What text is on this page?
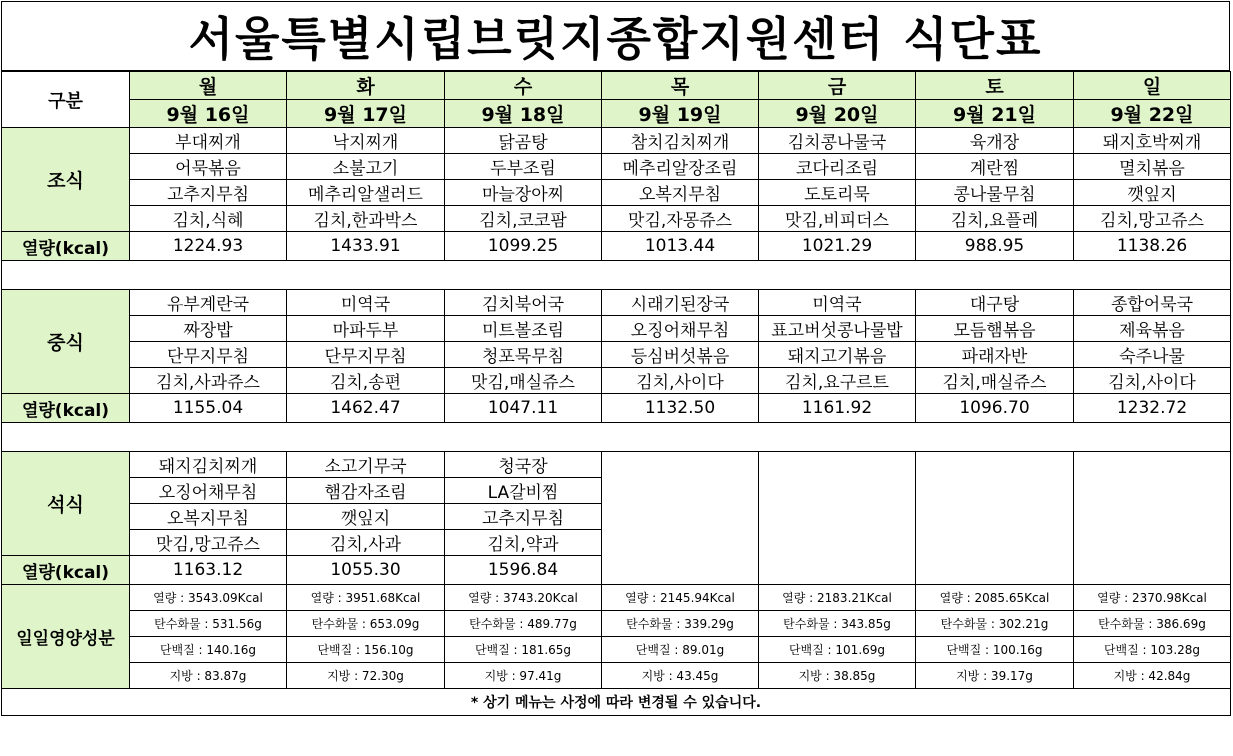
서울특별시립브릿지종합지원센터 식단표
구분	월	화	수	목	금	토	일
	9월 16일	9월 17일	9월 18일	9월 19일	9월 20일	9월 21일	9월 22일
조식	부대찌개	낙지찌개	닭곰탕	참치김치찌개	김치콩나물국	육개장	돼지호박찌개
	어묵볶음	소불고기	두부조림	메추리알장조림	코다리조림	계란찜	멸치볶음
	고추지무침	메추리알샐러드	마늘장아찌	오복지무침	도토리묵	콩나물무침	깻잎지
	김치,식혜	김치,한과박스	김치,코코팜	맛김,자몽쥬스	맛김,비피더스	김치,요플레	김치,망고쥬스
열량(kcal)	1224.93	1433.91	1099.25	1013.44	1021.29	988.95	1138.26

중식	유부계란국	미역국	김치북어국	시래기된장국	미역국	대구탕	종합어묵국
	짜장밥	마파두부	미트볼조림	오징어채무침	표고버섯콩나물밥	모듬햄볶음	제육볶음
	단무지무침	단무지무침	청포묵무침	등심버섯볶음	돼지고기볶음	파래자반	숙주나물
	김치,사과쥬스	김치,송편	맛김,매실쥬스	김치,사이다	김치,요구르트	김치,매실쥬스	김치,사이다
열량(kcal)	1155.04	1462.47	1047.11	1132.50	1161.92	1096.70	1232.72

석식	돼지김치찌개	소고기무국	청국장				
	오징어채무침	햄감자조림	LA갈비찜				
	오복지무침	깻잎지	고추지무침				
	맛김,망고쥬스	김치,사과	김치,약과				
열량(kcal)	1163.12	1055.30	1596.84				
일일영양성분	열량 : 3543.09Kcal	열량 : 3951.68Kcal	열량 : 3743.20Kcal	열량 : 2145.94Kcal	열량 : 2183.21Kcal	열량 : 2085.65Kcal	열량 : 2370.98Kcal
	탄수화물 : 531.56g	탄수화물 : 653.09g	탄수화물 : 489.77g	탄수화물 : 339.29g	탄수화물 : 343.85g	탄수화물 : 302.21g	탄수화물 : 386.69g
	단백질 : 140.16g	단백질 : 156.10g	단백질 : 181.65g	단백질 : 89.01g	단백질 : 101.69g	단백질 : 100.16g	단백질 : 103.28g
	지방 : 83.87g	지방 : 72.30g	지방 : 97.41g	지방 : 43.45g	지방 : 38.85g	지방 : 39.17g	지방 : 42.84g
* 상기 메뉴는 사정에 따라 변경될 수 있습니다.							
